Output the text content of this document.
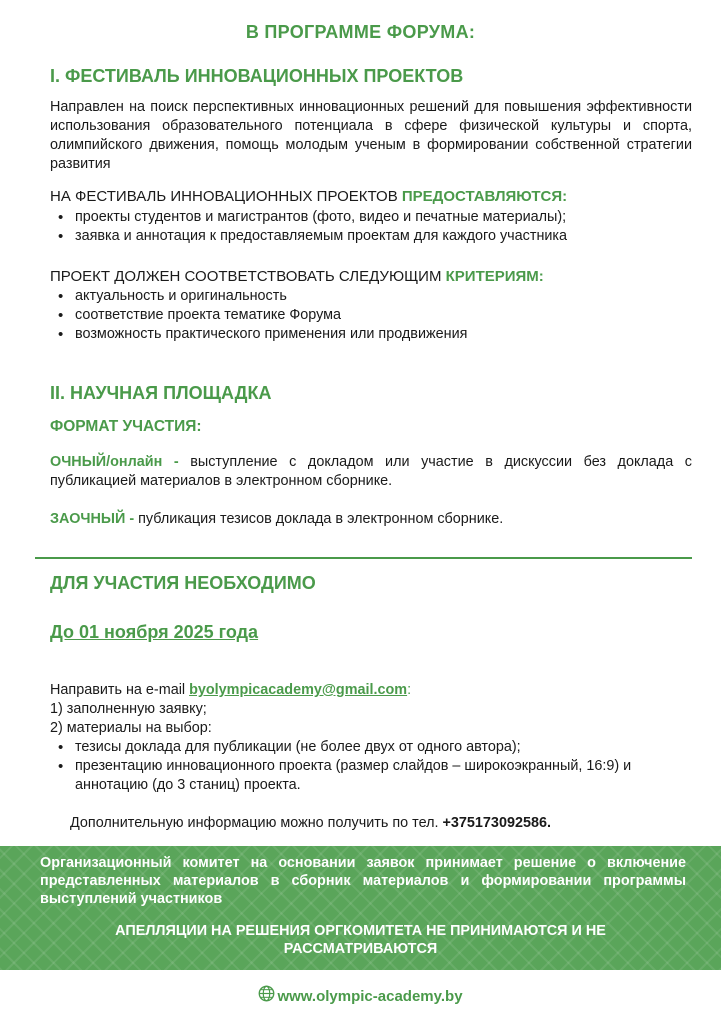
В ПРОГРАММЕ ФОРУМА:
I. ФЕСТИВАЛЬ ИННОВАЦИОННЫХ ПРОЕКТОВ
Направлен на поиск перспективных инновационных решений для повышения эффективности использования образовательного потенциала в сфере физической культуры и спорта, олимпийского движения, помощь молодым ученым в формировании собственной стратегии развития
НА ФЕСТИВАЛЬ ИННОВАЦИОННЫХ ПРОЕКТОВ ПРЕДОСТАВЛЯЮТСЯ:
• проекты студентов и магистрантов (фото, видео и печатные материалы);
• заявка и аннотация к предоставляемым проектам для каждого участника
ПРОЕКТ ДОЛЖЕН СООТВЕТСТВОВАТЬ СЛЕДУЮЩИМ КРИТЕРИЯМ:
• актуальность и оригинальность
• соответствие проекта тематике Форума
• возможность практического применения или продвижения
II. НАУЧНАЯ ПЛОЩАДКА
ФОРМАТ УЧАСТИЯ:
ОЧНЫЙ/онлайн - выступление с докладом или участие в дискуссии без доклада с публикацией материалов в электронном сборнике.
ЗАОЧНЫЙ - публикация тезисов доклада в электронном сборнике.
ДЛЯ УЧАСТИЯ НЕОБХОДИМО
До 01 ноября 2025 года
Направить на e-mail byolympicacademy@gmail.com:
1) заполненную заявку;
2) материалы на выбор:
• тезисы доклада для публикации (не более двух от одного автора);
• презентацию инновационного проекта (размер слайдов – широкоэкранный, 16:9) и аннотацию (до 3 станиц) проекта.
Дополнительную информацию можно получить по тел. +375173092586.
Организационный комитет на основании заявок принимает решение о включение представленных материалов в сборник материалов и формировании программы выступлений участников
АПЕЛЛЯЦИИ НА РЕШЕНИЯ ОРГКОМИТЕТА НЕ ПРИНИМАЮТСЯ И НЕ РАССМАТРИВАЮТСЯ
www.olympic-academy.by
